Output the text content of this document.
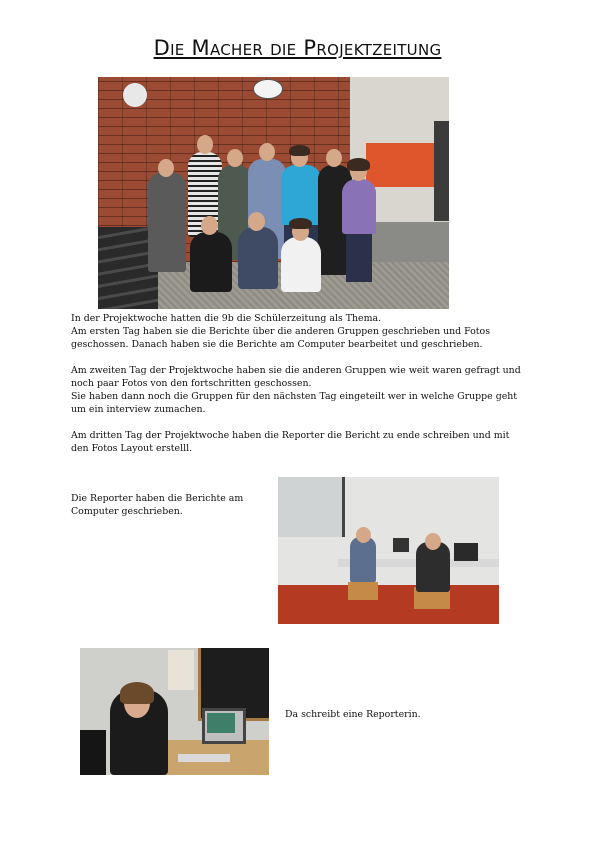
Die Macher die Projektzeitung

In der Projektwoche hatten die 9b die Schülerzeitung als Thema.
Am ersten Tag haben sie die Berichte über die anderen Gruppen geschrieben und Fotos geschossen. Danach haben sie die Berichte am Computer bearbeitet und geschrieben.

Am zweiten Tag der Projektwoche haben sie die anderen Gruppen wie weit waren gefragt und noch paar Fotos von den fortschritten geschossen.
Sie haben dann noch die Gruppen für den nächsten Tag eingeteilt wer in welche Gruppe geht um ein interview zumachen.

Am dritten Tag der Projektwoche haben die Reporter die Bericht zu ende schreiben und mit den Fotos Layout erstelll.

Die Reporter haben die Berichte am Computer geschrieben.
Da schreibt eine Reporterin.
